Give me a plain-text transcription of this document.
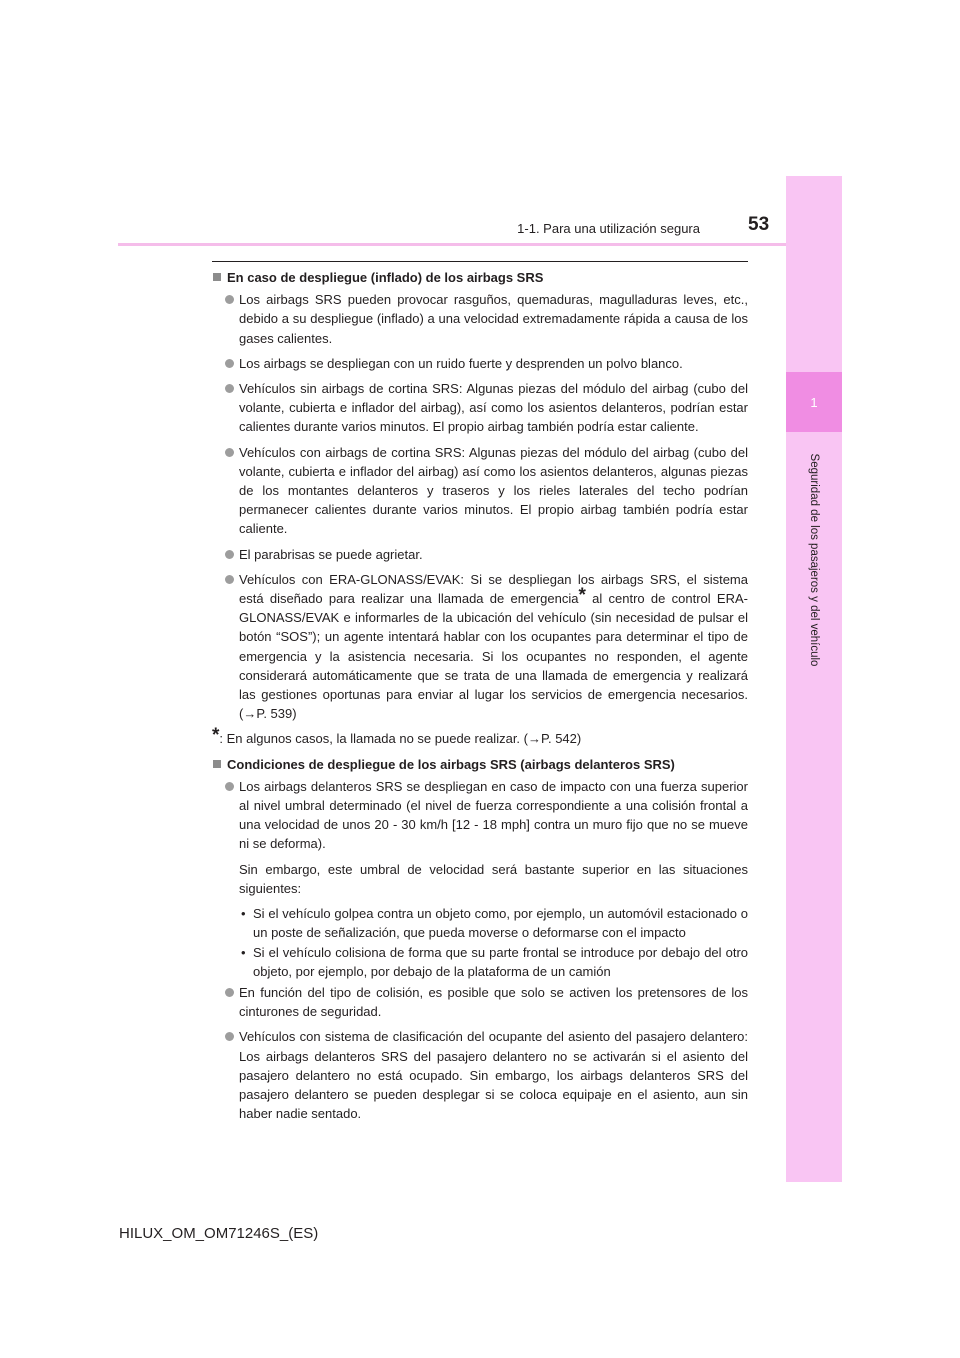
1
Seguridad de los pasajeros y del vehículo
1-1. Para una utilización segura	53
En caso de despliegue (inflado) de los airbags SRS
Los airbags SRS pueden provocar rasguños, quemaduras, magulladuras leves, etc., debido a su despliegue (inflado) a una velocidad extremadamente rápida a causa de los gases calientes.
Los airbags se despliegan con un ruido fuerte y desprenden un polvo blanco.
Vehículos sin airbags de cortina SRS: Algunas piezas del módulo del airbag (cubo del volante, cubierta e inflador del airbag), así como los asientos delanteros, podrían estar calientes durante varios minutos. El propio airbag también podría estar caliente.
Vehículos con airbags de cortina SRS: Algunas piezas del módulo del airbag (cubo del volante, cubierta e inflador del airbag) así como los asientos delanteros, algunas piezas de los montantes delanteros y traseros y los rieles laterales del techo podrían permanecer calientes durante varios minutos. El propio airbag también podría estar caliente.
El parabrisas se puede agrietar.
Vehículos con ERA-GLONASS/EVAK: Si se despliegan los airbags SRS, el sistema está diseñado para realizar una llamada de emergencia* al centro de control ERA-GLONASS/EVAK e informarles de la ubicación del vehículo (sin necesidad de pulsar el botón “SOS”); un agente intentará hablar con los ocupantes para determinar el tipo de emergencia y la asistencia necesaria. Si los ocupantes no responden, el agente considerará automáticamente que se trata de una llamada de emergencia y realizará las gestiones oportunas para enviar al lugar los servicios de emergencia necesarios. (→P. 539)
*: En algunos casos, la llamada no se puede realizar. (→P. 542)
Condiciones de despliegue de los airbags SRS (airbags delanteros SRS)
Los airbags delanteros SRS se despliegan en caso de impacto con una fuerza superior al nivel umbral determinado (el nivel de fuerza correspondiente a una colisión frontal a una velocidad de unos 20 - 30 km/h [12 - 18 mph] contra un muro fijo que no se mueve ni se deforma).
Sin embargo, este umbral de velocidad será bastante superior en las situaciones siguientes:
• Si el vehículo golpea contra un objeto como, por ejemplo, un automóvil estacionado o un poste de señalización, que pueda moverse o deformarse con el impacto
• Si el vehículo colisiona de forma que su parte frontal se introduce por debajo del otro objeto, por ejemplo, por debajo de la plataforma de un camión
En función del tipo de colisión, es posible que solo se activen los pretensores de los cinturones de seguridad.
Vehículos con sistema de clasificación del ocupante del asiento del pasajero delantero: Los airbags delanteros SRS del pasajero delantero no se activarán si el asiento del pasajero delantero no está ocupado. Sin embargo, los airbags delanteros SRS del pasajero delantero se pueden desplegar si se coloca equipaje en el asiento, aun sin haber nadie sentado.
HILUX_OM_OM71246S_(ES)
